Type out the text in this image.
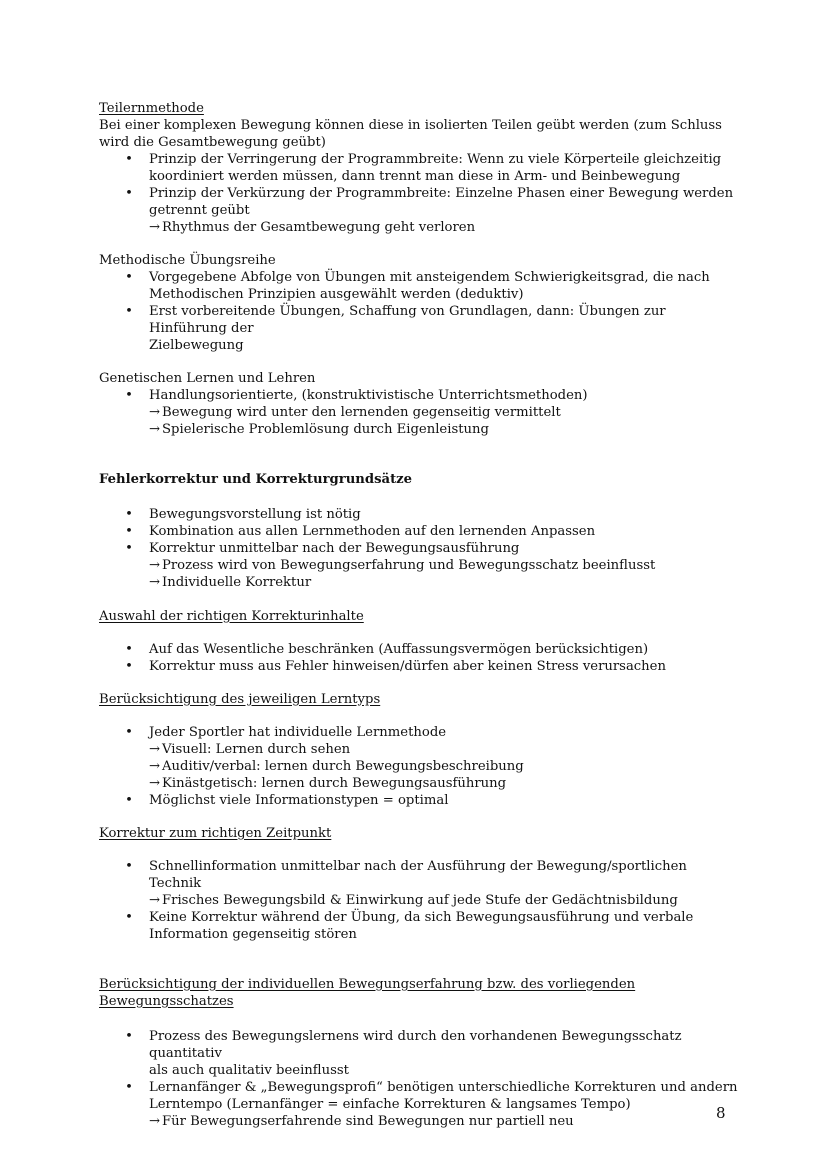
Teilernmethode
Bei einer komplexen Bewegung können diese in isolierten Teilen geübt werden (zum Schluss wird die Gesamtbewegung geübt)
• Prinzip der Verringerung der Programmbreite: Wenn zu viele Körperteile gleichzeitig
koordiniert werden müssen, dann trennt man diese in Arm- und Beinbewegung
• Prinzip der Verkürzung der Programmbreite: Einzelne Phasen einer Bewegung werden
getrennt geübt
→ Rhythmus der Gesamtbewegung geht verloren
Methodische Übungsreihe
• Vorgegebene Abfolge von Übungen mit ansteigendem Schwierigkeitsgrad, die nach
Methodischen Prinzipien ausgewählt werden (deduktiv)
• Erst vorbereitende Übungen, Schaffung von Grundlagen, dann: Übungen zur Hinführung der
Zielbewegung
Genetischen Lernen und Lehren
• Handlungsorientierte, (konstruktivistische Unterrichtsmethoden)
→ Bewegung wird unter den lernenden gegenseitig vermittelt
→ Spielerische Problemlösung durch Eigenleistung
Fehlerkorrektur und Korrekturgrundsätze
• Bewegungsvorstellung ist nötig
• Kombination aus allen Lernmethoden auf den lernenden Anpassen
• Korrektur unmittelbar nach der Bewegungsausführung
→ Prozess wird von Bewegungserfahrung und Bewegungsschatz beeinflusst
→ Individuelle Korrektur
Auswahl der richtigen Korrekturinhalte
• Auf das Wesentliche beschränken (Auffassungsvermögen berücksichtigen)
• Korrektur muss aus Fehler hinweisen/dürfen aber keinen Stress verursachen
Berücksichtigung des jeweiligen Lerntyps
• Jeder Sportler hat individuelle Lernmethode
→ Visuell: Lernen durch sehen
→ Auditiv/verbal: lernen durch Bewegungsbeschreibung
→ Kinästgetisch: lernen durch Bewegungsausführung
• Möglichst viele Informationstypen = optimal
Korrektur zum richtigen Zeitpunkt
• Schnellinformation unmittelbar nach der Ausführung der Bewegung/sportlichen Technik
→ Frisches Bewegungsbild & Einwirkung auf jede Stufe der Gedächtnisbildung
• Keine Korrektur während der Übung, da sich Bewegungsausführung und verbale
Information gegenseitig stören
Berücksichtigung der individuellen Bewegungserfahrung bzw. des vorliegenden Bewegungsschatzes
• Prozess des Bewegungslernens wird durch den vorhandenen Bewegungsschatz quantitativ
als auch qualitativ beeinflusst
• Lernanfänger & „Bewegungsprofi“ benötigen unterschiedliche Korrekturen und andern
Lerntempo (Lernanfänger = einfache Korrekturen & langsames Tempo)
→ Für Bewegungserfahrende sind Bewegungen nur partiell neu	8
